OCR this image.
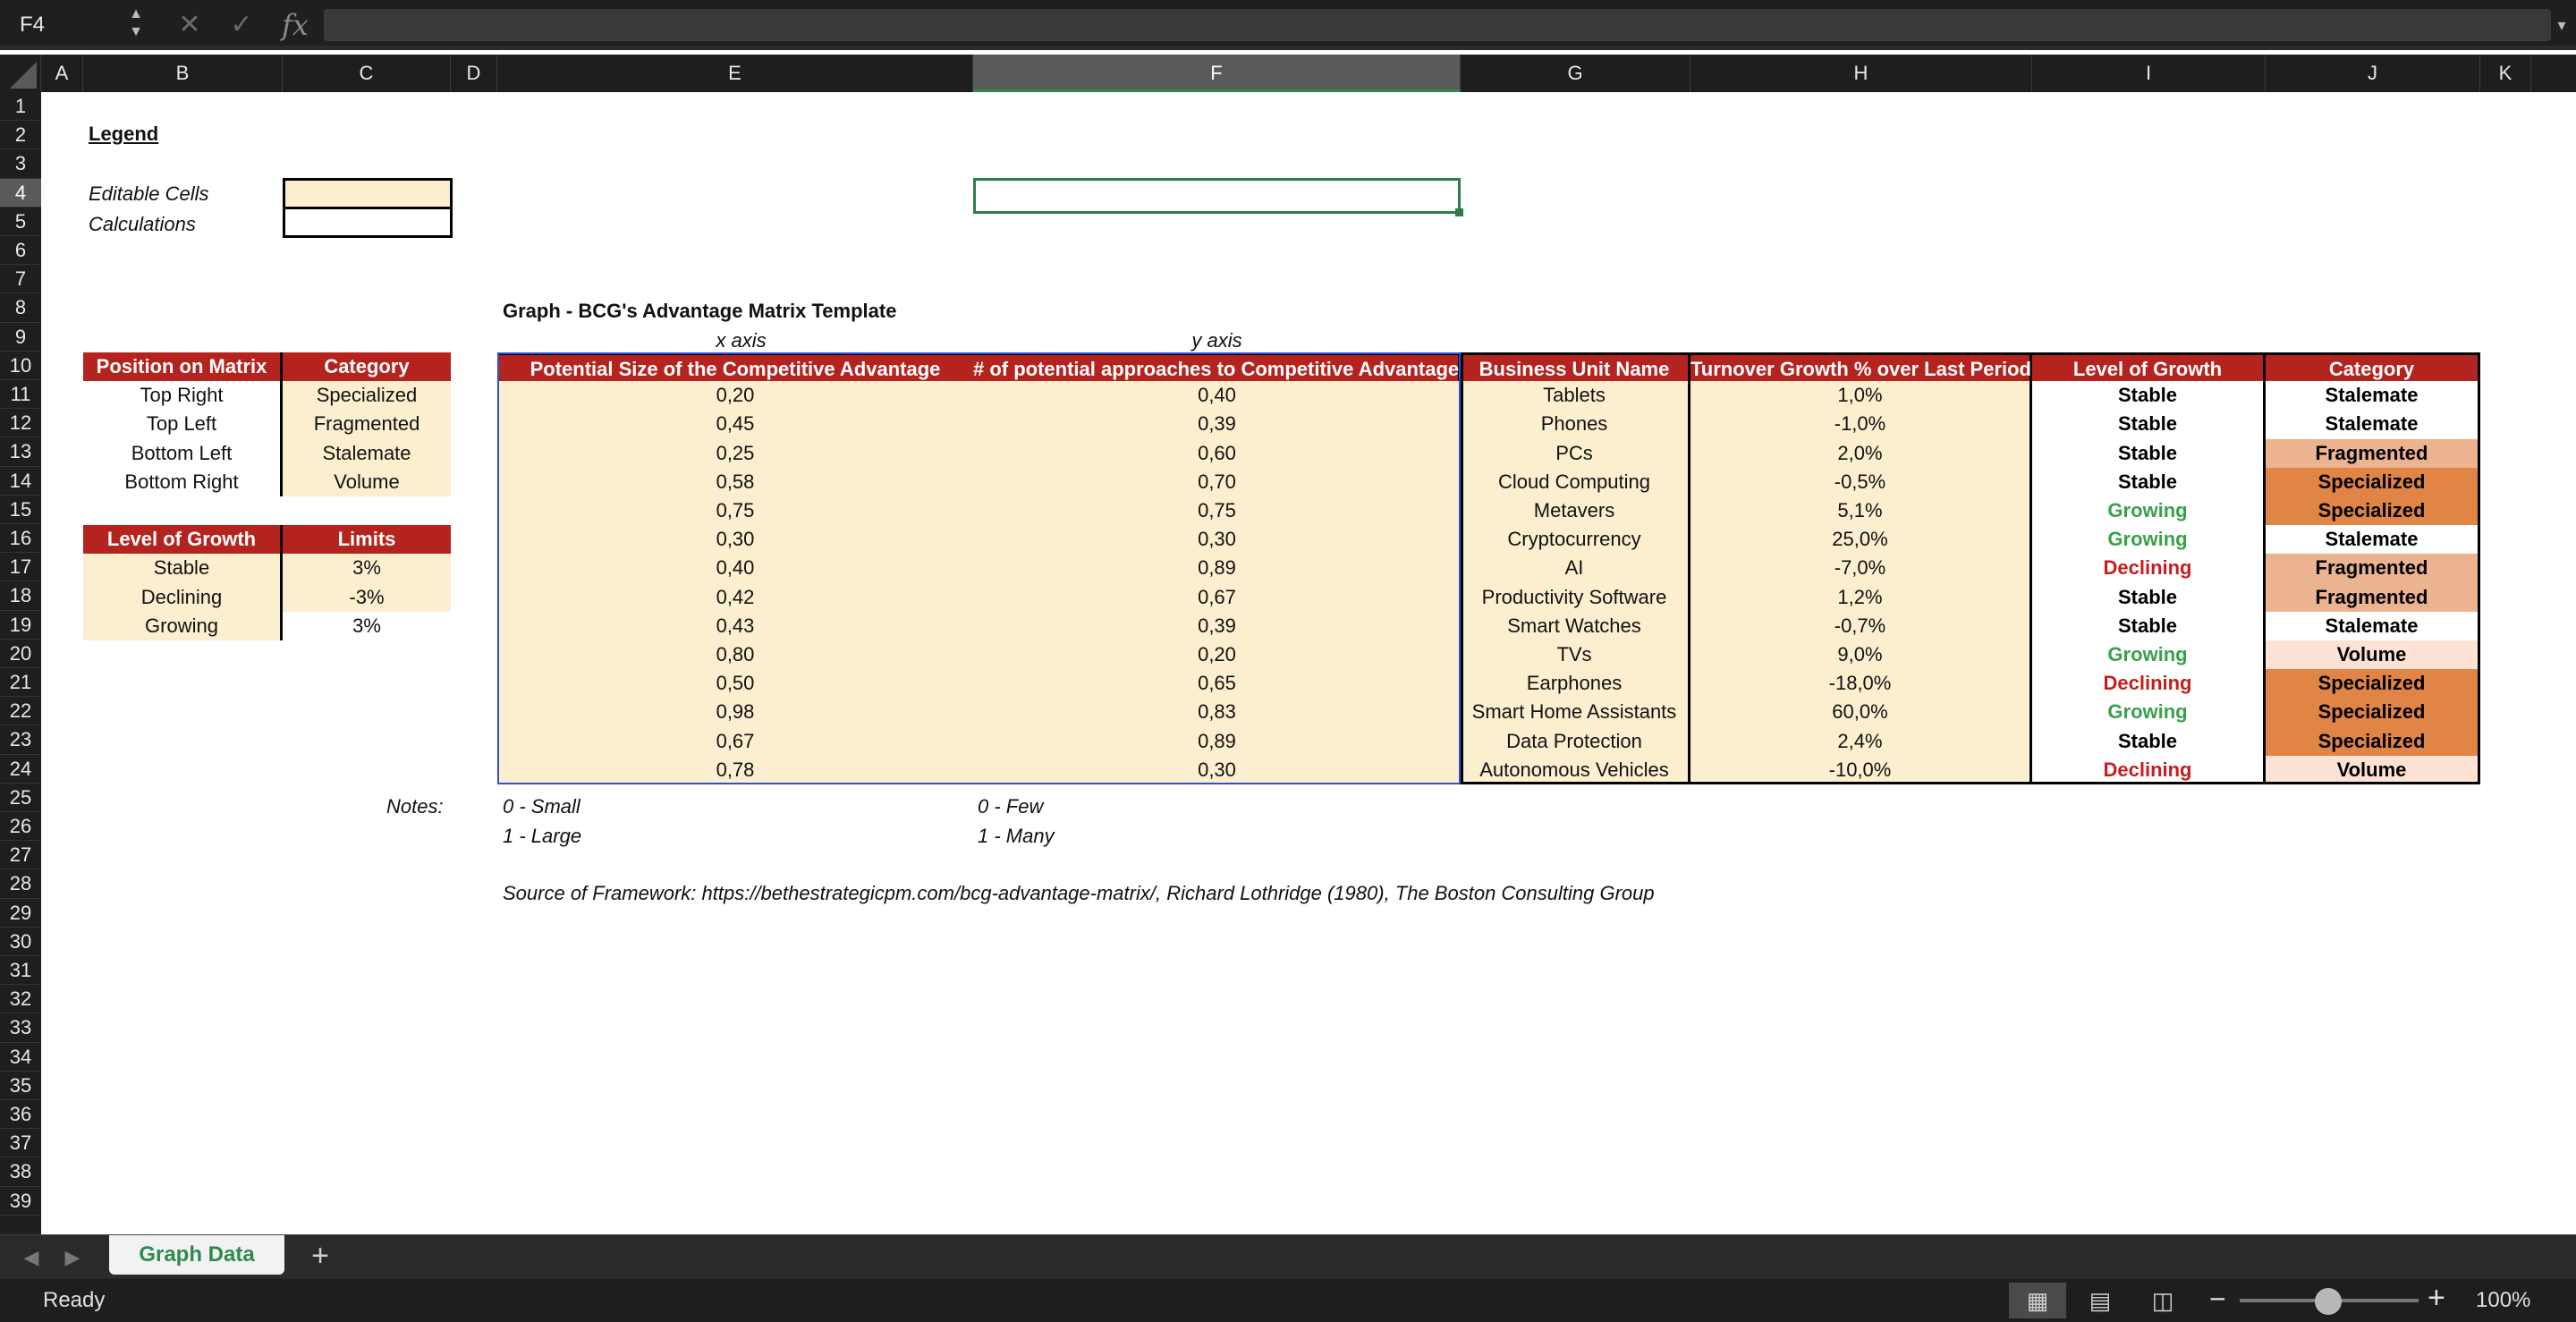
F4	▲
▼ ✕ ✓ fx	▾
A	B	C	D	E	F	G	H	I	J	K
1
2
3
4
5
6
7
8
9
10
11
12
13
14
15
16
17
18
19
20
21
22
23
24
25
26
27
28
29
30
31
32
33
34
35
36
37
38
39
Legend
Editable Cells
Calculations
Position on Matrix	Category
Top Right	Specialized
Top Left	Fragmented
Bottom Left	Stalemate
Bottom Right	Volume
Level of Growth	Limits
Stable	3%
Declining	-3%
Growing	3%
Graph - BCG's Advantage Matrix Template
x axis	y axis
Potential Size of the Competitive Advantage	# of potential approaches to Competitive Advantage	Business Unit Name	Turnover Growth % over Last Period	Level of Growth	Category
0,20	0,40	Tablets	1,0%	Stable	Stalemate
0,45	0,39	Phones	-1,0%	Stable	Stalemate
0,25	0,60	PCs	2,0%	Stable	Fragmented
0,58	0,70	Cloud Computing	-0,5%	Stable	Specialized
0,75	0,75	Metavers	5,1%	Growing	Specialized
0,30	0,30	Cryptocurrency	25,0%	Growing	Stalemate
0,40	0,89	AI	-7,0%	Declining	Fragmented
0,42	0,67	Productivity Software	1,2%	Stable	Fragmented
0,43	0,39	Smart Watches	-0,7%	Stable	Stalemate
0,80	0,20	TVs	9,0%	Growing	Volume
0,50	0,65	Earphones	-18,0%	Declining	Specialized
0,98	0,83	Smart Home Assistants	60,0%	Growing	Specialized
0,67	0,89	Data Protection	2,4%	Stable	Specialized
0,78	0,30	Autonomous Vehicles	-10,0%	Declining	Volume
Notes:	0 - Small
1 - Large
0 - Few
1 - Many
Source of Framework: https://bethestrategicpm.com/bcg-advantage-matrix/, Richard Lothridge (1980), The Boston Consulting Group
◀ ▶	Graph Data	+
Ready	▦	▤	◫	−	+ 100%
